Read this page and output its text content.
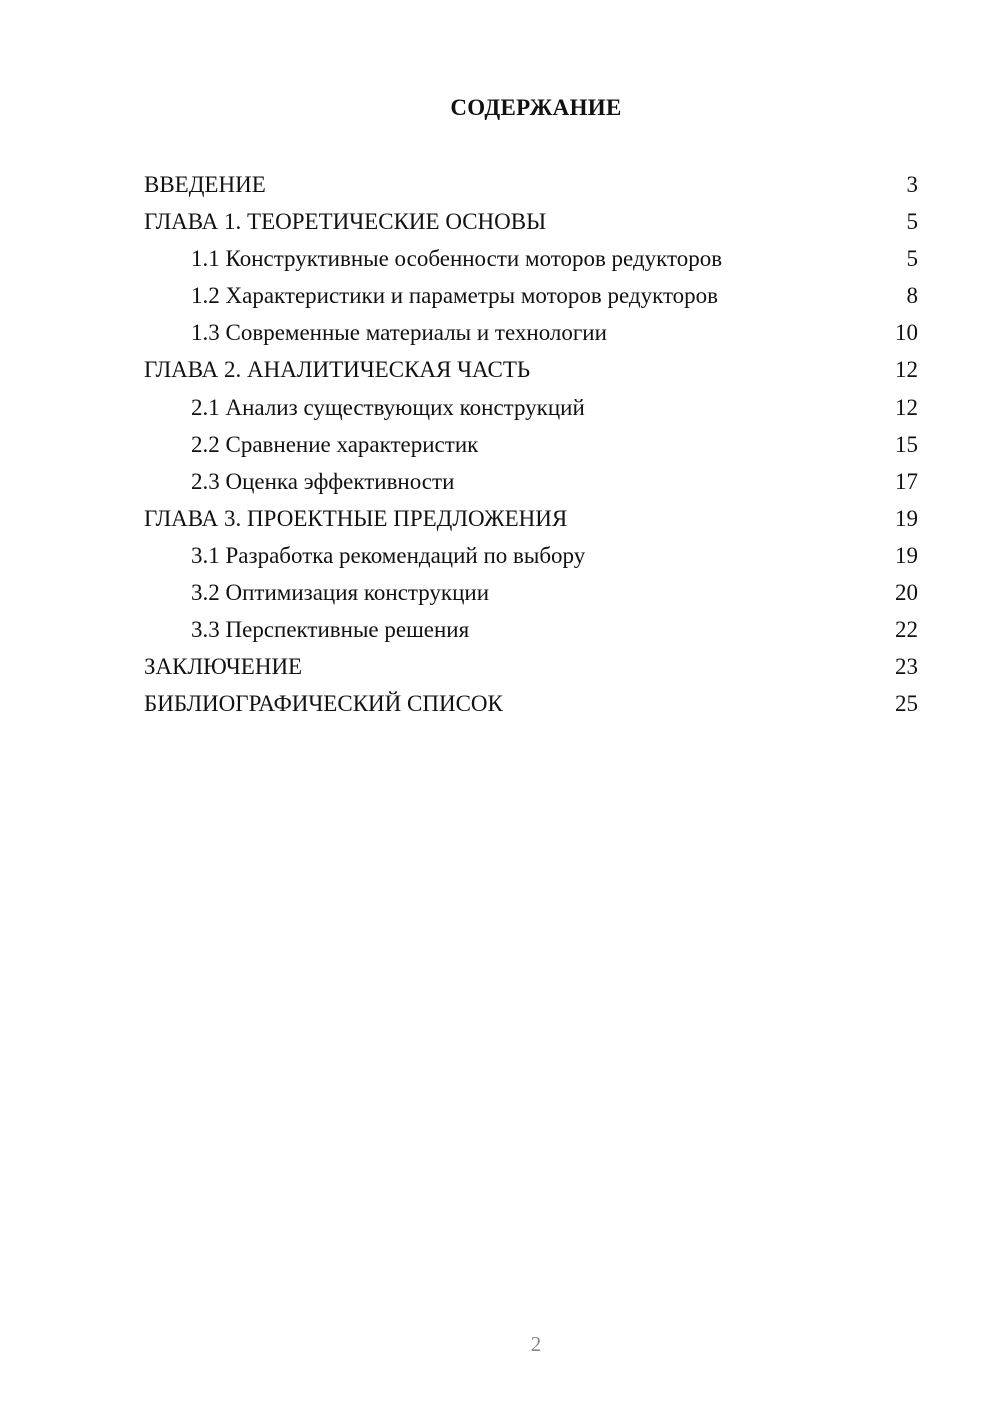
СОДЕРЖАНИЕ
ВВЕДЕНИЕ	3
ГЛАВА 1. ТЕОРЕТИЧЕСКИЕ ОСНОВЫ	5
1.1 Конструктивные особенности моторов редукторов	5
1.2 Характеристики и параметры моторов редукторов	8
1.3 Современные материалы и технологии	10
ГЛАВА 2. АНАЛИТИЧЕСКАЯ ЧАСТЬ	12
2.1 Анализ существующих конструкций	12
2.2 Сравнение характеристик	15
2.3 Оценка эффективности	17
ГЛАВА 3. ПРОЕКТНЫЕ ПРЕДЛОЖЕНИЯ	19
3.1 Разработка рекомендаций по выбору	19
3.2 Оптимизация конструкции	20
3.3 Перспективные решения	22
ЗАКЛЮЧЕНИЕ	23
БИБЛИОГРАФИЧЕСКИЙ СПИСОК	25
2
